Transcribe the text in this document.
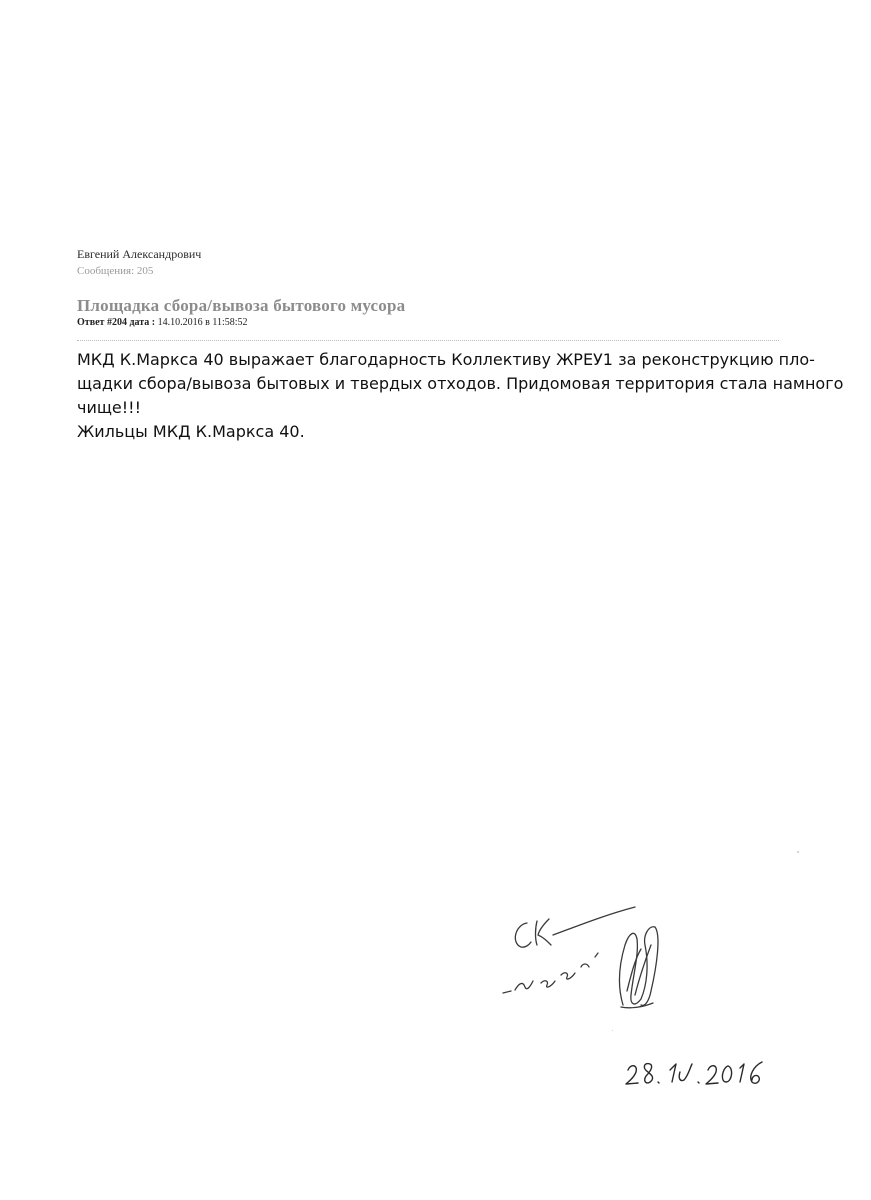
Евгений Александрович
Сообщения: 205
Площадка сбора/вывоза бытового мусора
Ответ #204 дата : 14.10.2016 в 11:58:52

МКД К.Маркса 40 выражает благодарность Коллективу ЖРЕУ1 за реконструкцию пло-

щадки сбора/вывоза бытовых и твердых отходов. Придомовая территория стала намного

чище!!!

Жильцы МКД К.Маркса 40.
